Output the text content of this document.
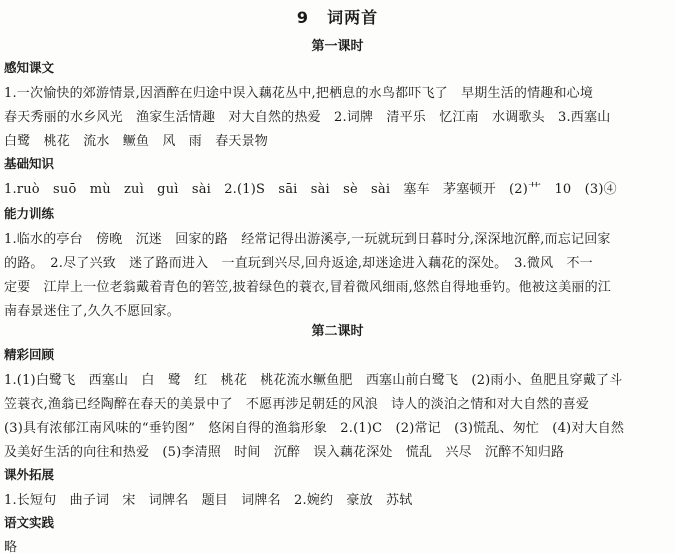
9 词两首
第一课时
感知课文
1.一次愉快的郊游情景,因酒醉在归途中误入藕花丛中,把栖息的水鸟都吓飞了　早期生活的情趣和心境
春天秀丽的水乡风光　渔家生活情趣　对大自然的热爱　2.词牌　清平乐　忆江南　水调歌头　3.西塞山
白鹭　桃花　流水　鳜鱼　风　雨　春天景物
基础知识
1.ruò　suō　mù　zuì　guì　sài　2.(1)S　sāi　sài　sè　sài　塞车　茅塞顿开　(2)艹　10　(3)④
能力训练
1.临水的亭台　傍晚　沉迷　回家的路　经常记得出游溪亭,一玩就玩到日暮时分,深深地沉醉,而忘记回家
的路。　2.尽了兴致　迷了路而进入　一直玩到兴尽,回舟返途,却迷途进入藕花的深处。　3.微风　不一
定要　江岸上一位老翁戴着青色的箬笠,披着绿色的蓑衣,冒着微风细雨,悠然自得地垂钓。他被这美丽的江
南春景迷住了,久久不愿回家。
第二课时
精彩回顾
1.(1)白鹭飞　西塞山　白　鹭　红　桃花　桃花流水鳜鱼肥　西塞山前白鹭飞　(2)雨小、鱼肥且穿戴了斗
笠蓑衣,渔翁已经陶醉在春天的美景中了　不愿再涉足朝廷的风浪　诗人的淡泊之情和对大自然的喜爱
(3)具有浓郁江南风味的“垂钓图”　悠闲自得的渔翁形象　2.(1)C　(2)常记　(3)慌乱、匆忙　(4)对大自然
及美好生活的向往和热爱　(5)李清照　时间　沉醉　误入藕花深处　慌乱　兴尽　沉醉不知归路
课外拓展
1.长短句　曲子词　宋　词牌名　题目　词牌名　2.婉约　豪放　苏轼
语文实践
略
